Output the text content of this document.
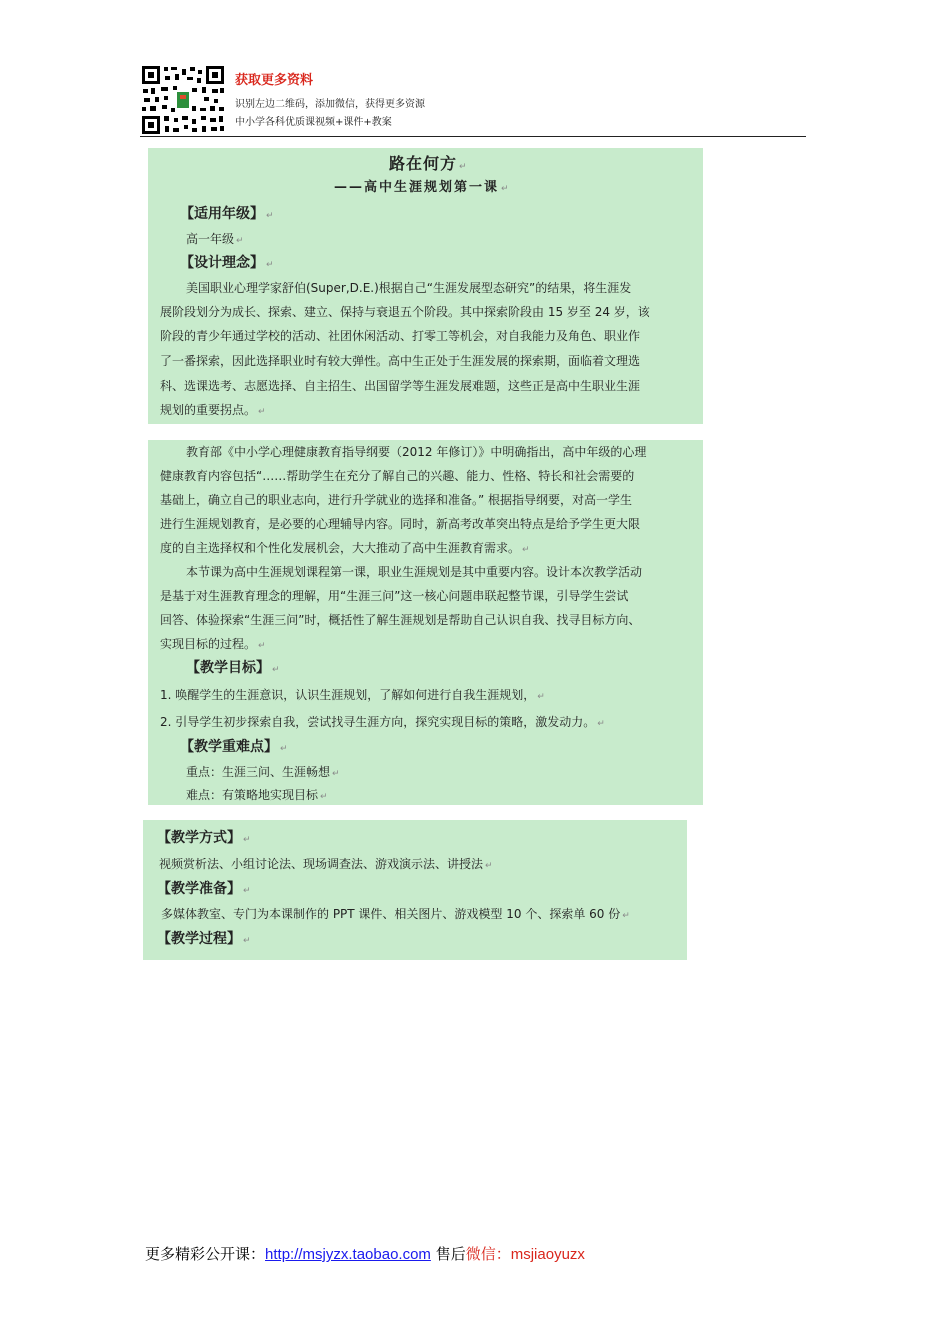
获取更多资料
识别左边二维码，添加微信，获得更多资源
中小学各科优质课视频+课件+教案
路在何方 ↵
——高中生涯规划第一课 ↵
【适用年级】 ↵
高一年级 ↵
【设计理念】 ↵
美国职业心理学家舒伯(Super,D.E.)根据自己“生涯发展型态研究”的结果，将生涯发
展阶段划分为成长、探索、建立、保持与衰退五个阶段。其中探索阶段由 15 岁至 24 岁，该
阶段的青少年通过学校的活动、社团休闲活动、打零工等机会，对自我能力及角色、职业作
了一番探索，因此选择职业时有较大弹性。高中生正处于生涯发展的探索期，面临着文理选
科、选课选考、志愿选择、自主招生、出国留学等生涯发展难题，这些正是高中生职业生涯
规划的重要拐点。 ↵
教育部《中小学心理健康教育指导纲要（2012 年修订）》中明确指出，高中年级的心理
健康教育内容包括“……帮助学生在充分了解自己的兴趣、能力、性格、特长和社会需要的
基础上，确立自己的职业志向，进行升学就业的选择和准备。” 根据指导纲要，对高一学生
进行生涯规划教育，是必要的心理辅导内容。同时，新高考改革突出特点是给予学生更大限
度的自主选择权和个性化发展机会，大大推动了高中生涯教育需求。 ↵
本节课为高中生涯规划课程第一课，职业生涯规划是其中重要内容。设计本次教学活动
是基于对生涯教育理念的理解，用“生涯三问”这一核心问题串联起整节课，引导学生尝试
回答、体验探索“生涯三问”时，概括性了解生涯规划是帮助自己认识自我、找寻目标方向、
实现目标的过程。 ↵
【教学目标】 ↵
1. 唤醒学生的生涯意识，认识生涯规划，了解如何进行自我生涯规划， ↵
2. 引导学生初步探索自我，尝试找寻生涯方向，探究实现目标的策略，激发动力。 ↵
【教学重难点】 ↵
重点：生涯三问、生涯畅想 ↵
难点：有策略地实现目标 ↵
【教学方式】 ↵
视频赏析法、小组讨论法、现场调查法、游戏演示法、讲授法 ↵
【教学准备】 ↵
多媒体教室、专门为本课制作的 PPT 课件、相关图片、游戏模型 10 个、探索单 60 份 ↵
【教学过程】 ↵
更多精彩公开课：http://msjyzx.taobao.com 售后微信：msjiaoyuzx
